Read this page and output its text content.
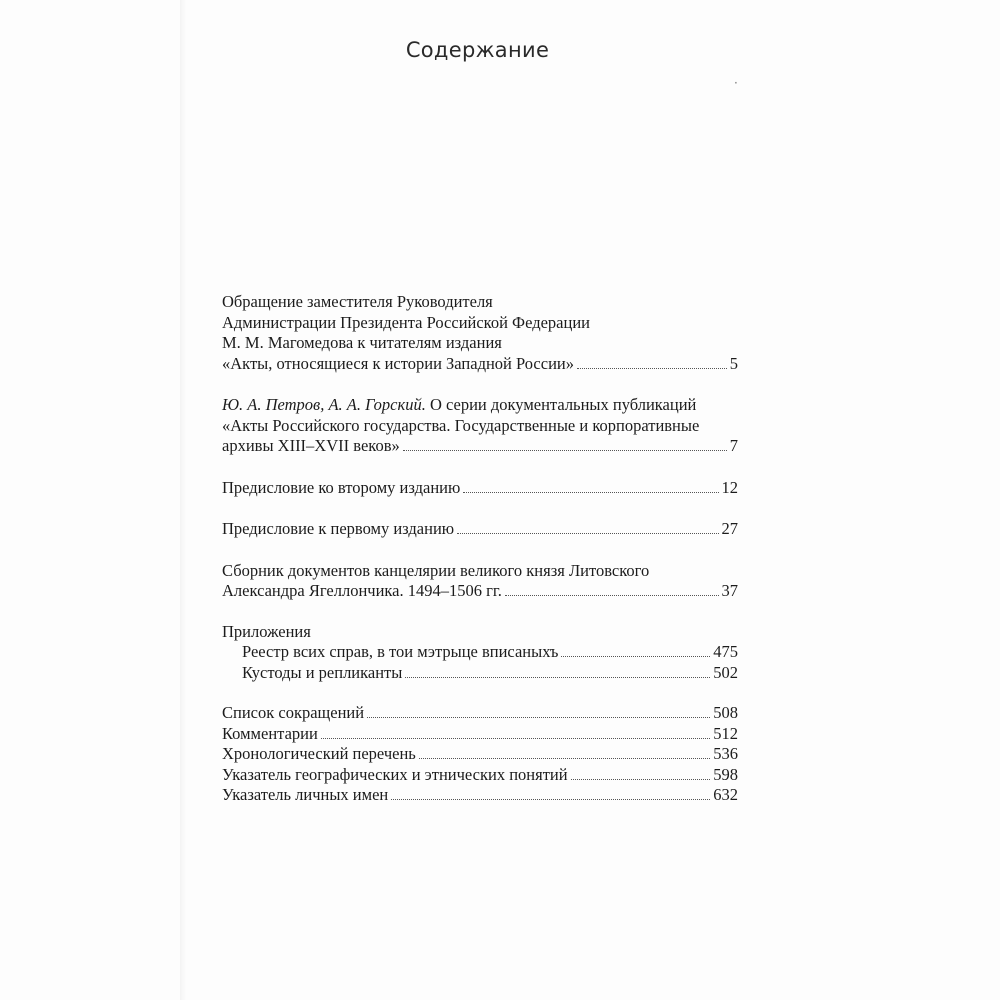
·
Содержание
Обращение заместителя Руководителя
Администрации Президента Российской Федерации
М. М. Магомедова к читателям издания
«Акты, относящиеся к истории Западной России»	5
Ю. А. Петров, А. А. Горский. О серии документальных публикаций
«Акты Российского государства. Государственные и корпоративные
архивы XIII–XVII веков»	7
Предисловие ко второму изданию	12
Предисловие к первому изданию	27
Сборник документов канцелярии великого князя Литовского
Александра Ягеллончика. 1494–1506 гг.	37
Приложения
Реестр всих справ, в тои мэтрыце вписаныхъ	475
Кустоды и репликанты	502
Список сокращений	508
Комментарии	512
Хронологический перечень	536
Указатель географических и этнических понятий	598
Указатель личных имен	632
